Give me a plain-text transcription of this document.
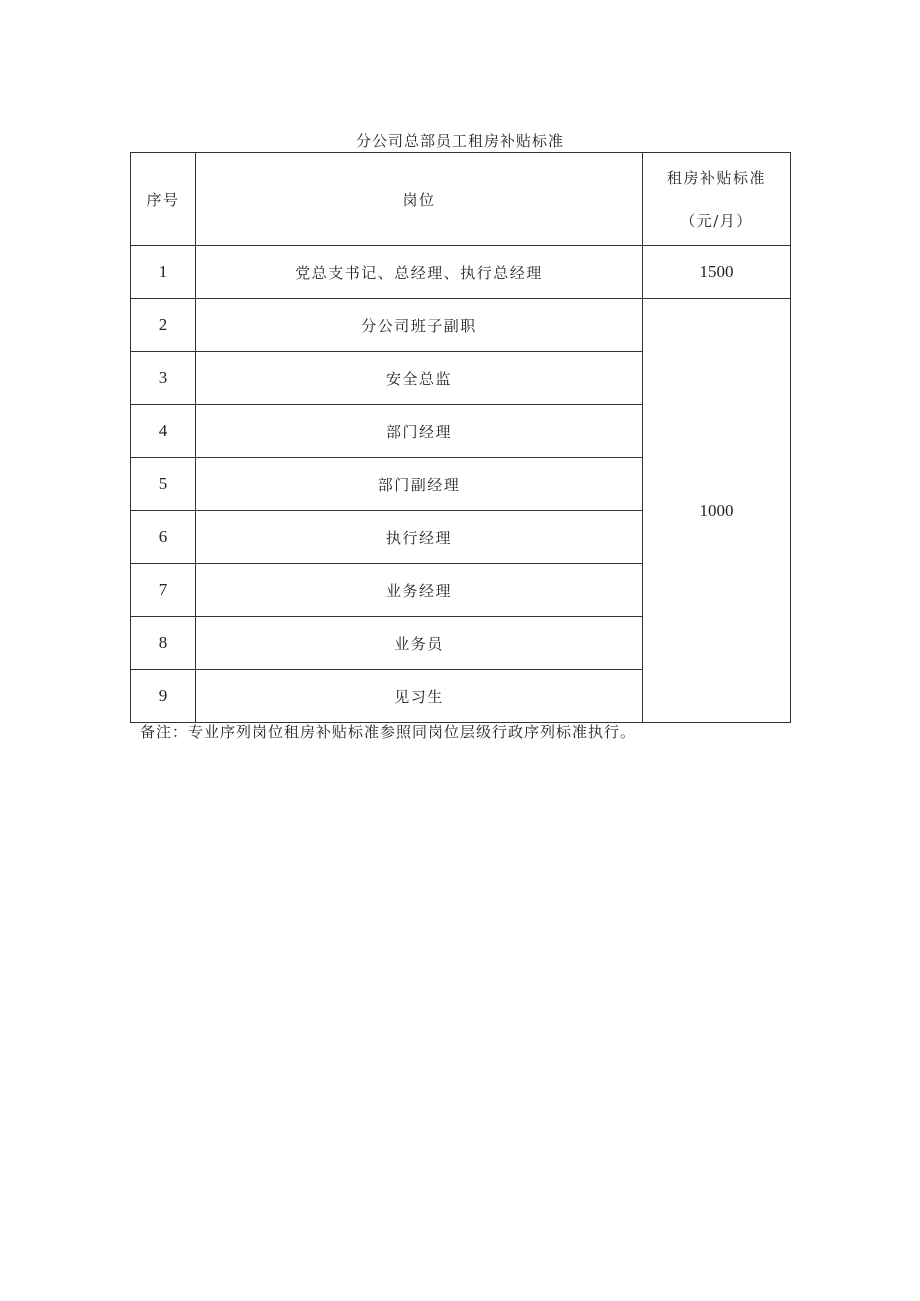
分公司总部员工租房补贴标准
序号	岗位	租房补贴标准
（元/月）

1	党总支书记、总经理、执行总经理	1500
2	分公司班子副职	1000
3	安全总监	
4	部门经理	
5	部门副经理	
6	执行经理	
7	业务经理	
8	业务员	
9	见习生	
备注：专业序列岗位租房补贴标准参照同岗位层级行政序列标准执行。
